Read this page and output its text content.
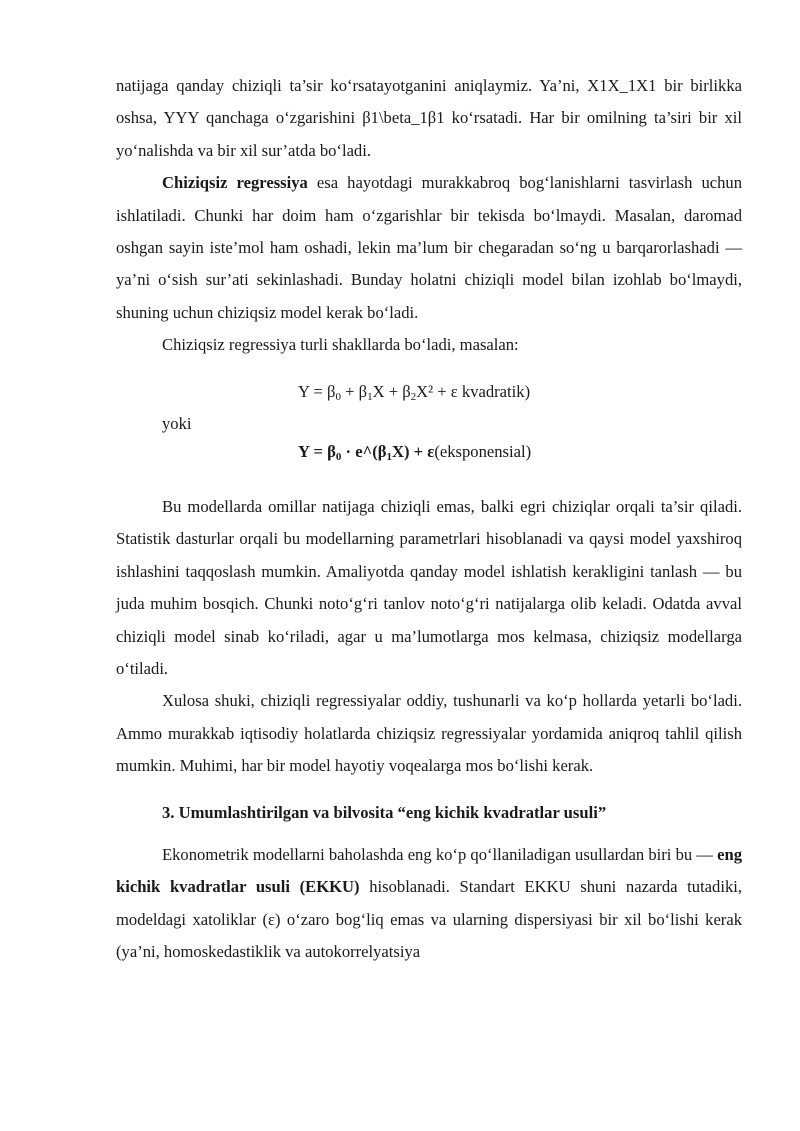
natijaga qanday chiziqli ta’sir ko‘rsatayotganini aniqlaymiz. Ya’ni, X1X_1X1 bir birlikka oshsa, YYY qanchaga o‘zgarishini β1\beta_1β1 ko‘rsatadi. Har bir omilning ta’siri bir xil yo‘nalishda va bir xil sur’atda bo‘ladi.

Chiziqsiz regressiya esa hayotdagi murakkabroq bog‘lanishlarni tasvirlash uchun ishlatiladi. Chunki har doim ham o‘zgarishlar bir tekisda bo‘lmaydi. Masalan, daromad oshgan sayin iste’mol ham oshadi, lekin ma’lum bir chegaradan so‘ng u barqarorlashadi — ya’ni o‘sish sur’ati sekinlashadi. Bunday holatni chiziqli model bilan izohlab bo‘lmaydi, shuning uchun chiziqsiz model kerak bo‘ladi.

Chiziqsiz regressiya turli shakllarda bo‘ladi, masalan:

$Y = \beta_0 + \beta_1X + \beta_2X^2 + \varepsilon$ kvadratik)

yoki

$Y = \beta_0$ · $e\^{}(\beta_1X)$ + ε(eksponensial)

Bu modellarda omillar natijaga chiziqli emas, balki egri chiziqlar orqali ta’sir qiladi. Statistik dasturlar orqali bu modellarning parametrlari hisoblanadi va qaysi model yaxshiroq ishlashini taqqoslash mumkin. Amaliyotda qanday model ishlatish kerakligini tanlash — bu juda muhim bosqich. Chunki noto‘g‘ri tanlov noto‘g‘ri natijalarga olib keladi. Odatda avval chiziqli model sinab ko‘riladi, agar u ma’lumotlarga mos kelmasa, chiziqsiz modellarga o‘tiladi.

Xulosa shuki, chiziqli regressiyalar oddiy, tushunarli va ko‘p hollarda yetarli bo‘ladi. Ammo murakkab iqtisodiy holatlarda chiziqsiz regressiyalar yordamida aniqroq tahlil qilish mumkin. Muhimi, har bir model hayotiy voqealarga mos bo‘lishi kerak.

3. Umumlashtirilgan va bilvosita “eng kichik kvadratlar usuli”

Ekonometrik modellarni baholashda eng ko‘p qo‘llaniladigan usullardan biri bu — eng kichik kvadratlar usuli (EKKU) hisoblanadi. Standart EKKU shuni nazarda tutadiki, modeldagi xatoliklar (ε) o‘zaro bog‘liq emas va ularning dispersiyasi bir xil bo‘lishi kerak (ya’ni, homoskedastiklik va autokorrelyatsiya
